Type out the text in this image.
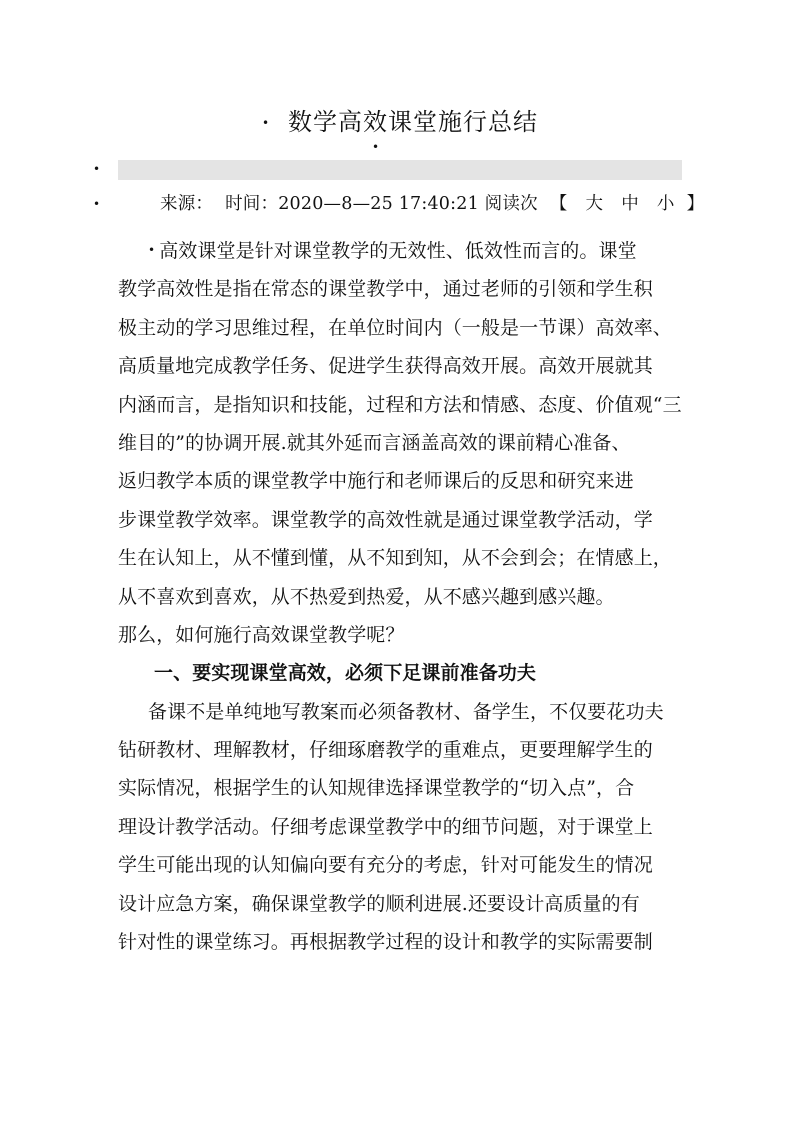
• 数学高效课堂施行总结
•
•
•	来源： 时间：2020—8—25 17:40:21 阅读次 【 大 中 小 】
• 高效课堂是针对课堂教学的无效性、低效性而言的。课堂
教学高效性是指在常态的课堂教学中，通过老师的引领和学生积
极主动的学习思维过程，在单位时间内（一般是一节课）高效率、
高质量地完成教学任务、促进学生获得高效开展。高效开展就其
内涵而言，是指知识和技能，过程和方法和情感、态度、价值观“三
维目的”的协调开展.就其外延而言涵盖高效的课前精心准备、
返归教学本质的课堂教学中施行和老师课后的反思和研究来进
步课堂教学效率。课堂教学的高效性就是通过课堂教学活动，学
生在认知上，从不懂到懂，从不知到知，从不会到会；在情感上，
从不喜欢到喜欢，从不热爱到热爱，从不感兴趣到感兴趣。
那么，如何施行高效课堂教学呢？
一、要实现课堂高效，必须下足课前准备功夫
备课不是单纯地写教案而必须备教材、备学生，不仅要花功夫
钻研教材、理解教材，仔细琢磨教学的重难点，更要理解学生的
实际情况，根据学生的认知规律选择课堂教学的“切入点”，合
理设计教学活动。仔细考虑课堂教学中的细节问题，对于课堂上
学生可能出现的认知偏向要有充分的考虑，针对可能发生的情况
设计应急方案，确保课堂教学的顺利进展.还要设计高质量的有
针对性的课堂练习。再根据教学过程的设计和教学的实际需要制
